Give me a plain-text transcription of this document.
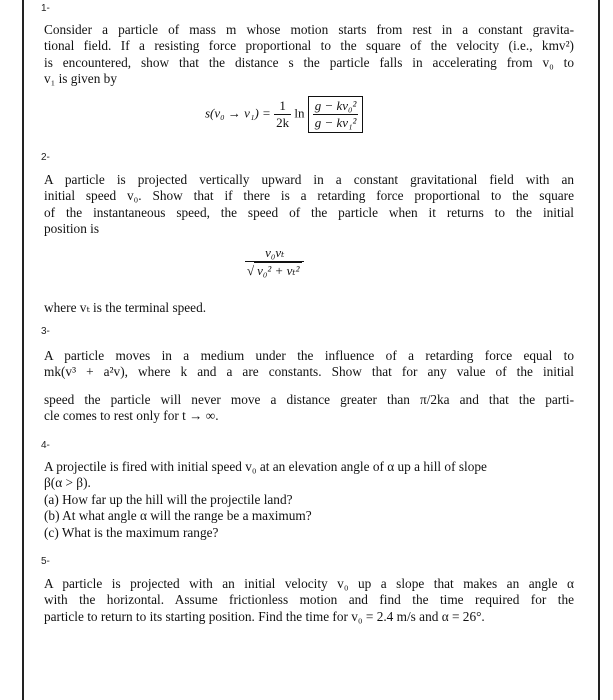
1-
Consider a particle of mass m whose motion starts from rest in a constant gravita-
tional field. If a resisting force proportional to the square of the velocity (i.e., kmv²)
is encountered, show that the distance s the particle falls in accelerating from v₀ to
v₁ is given by
$s(v_0 \to v_1) = \frac{1}{2k}$ $\ln \frac{\text{g − kv₀²}}{\text{g − kv₁²}}$
2-
A particle is projected vertically upward in a constant gravitational field with an
initial speed v₀. Show that if there is a retarding force proportional to the square
of the instantaneous speed, the speed of the particle when it returns to the initial
position is
$\frac{\text{v₀vₜ}}{\text{√ v₀² + vₜ²}}$
where vₜ is the terminal speed.
3-
A particle moves in a medium under the influence of a retarding force equal to
mk(v³ + a²v), where k and a are constants. Show that for any value of the initial
speed the particle will never move a distance greater than π/2ka and that the parti-
cle comes to rest only for t → ∞.
4-
A projectile is fired with initial speed v₀ at an elevation angle of α up a hill of slope
β(α > β).
(a) How far up the hill will the projectile land?
(b) At what angle α will the range be a maximum?
(c) What is the maximum range?
5-
A particle is projected with an initial velocity v₀ up a slope that makes an angle α
with the horizontal. Assume frictionless motion and find the time required for the
particle to return to its starting position. Find the time for v₀ = 2.4 m/s and α = 26°.
